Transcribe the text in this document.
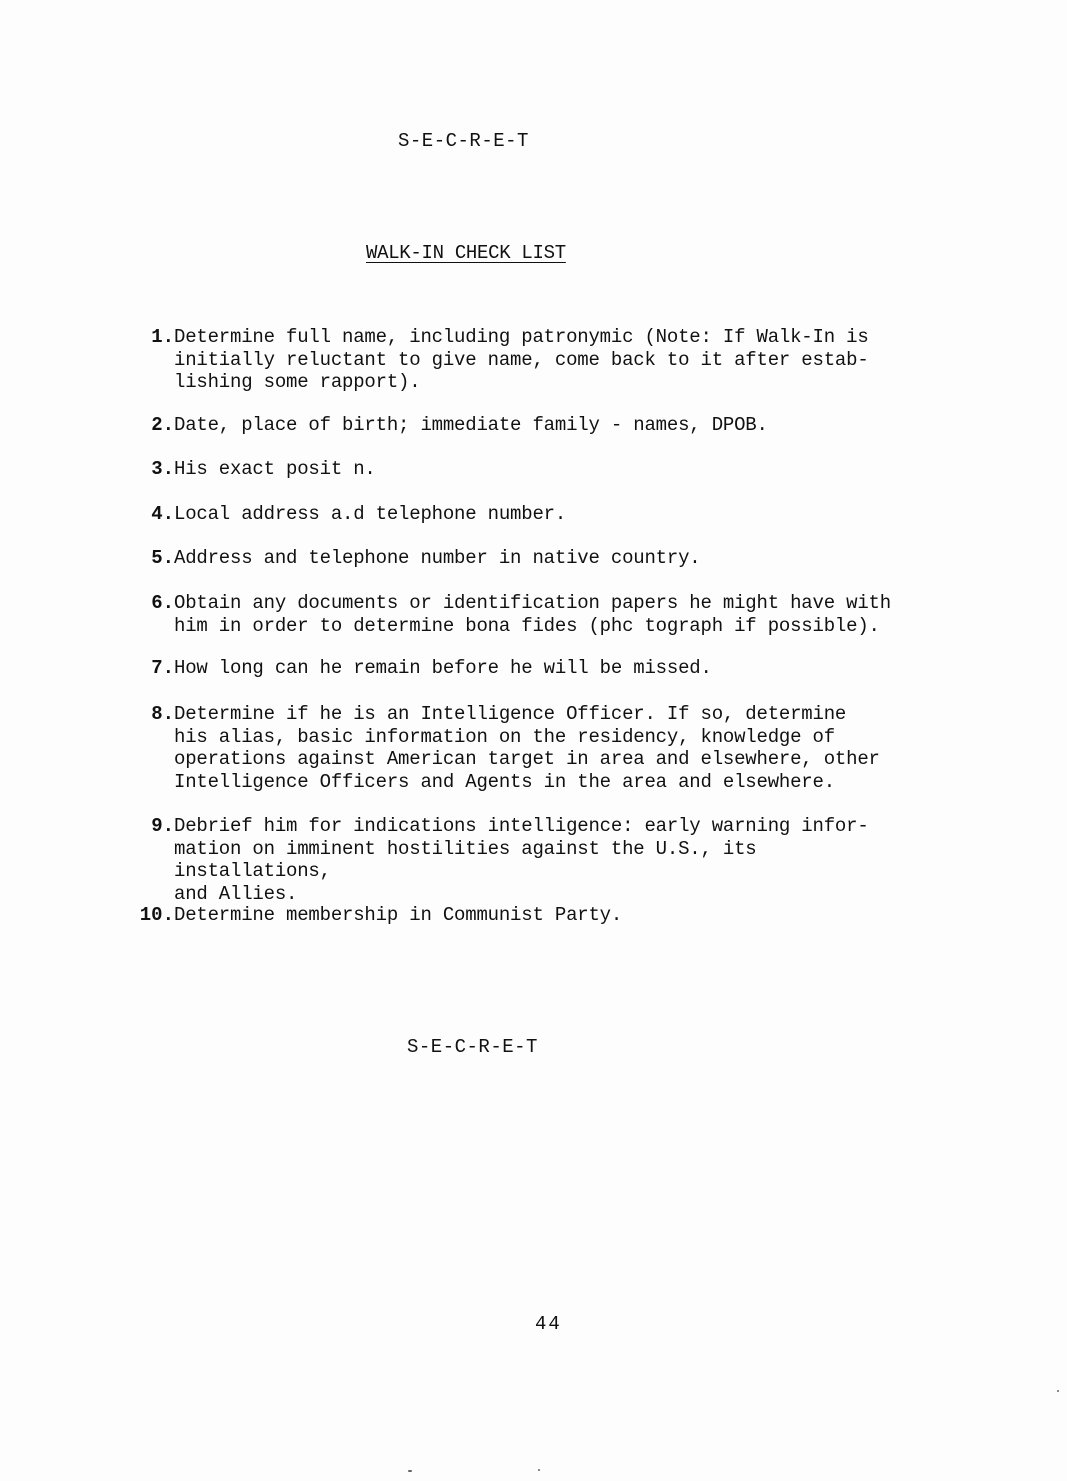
S-E-C-R-E-T
WALK-IN CHECK LIST
1. Determine full name, including patronymic (Note: If Walk-In is
initially reluctant to give name, come back to it after estab-
lishing some rapport).
2. Date, place of birth; immediate family - names, DPOB.
3. His exact posit n.
4. Local address a.d telephone number.
5. Address and telephone number in native country.
6. Obtain any documents or identification papers he might have with
him in order to determine bona fides (phc tograph if possible).
7. How long can he remain before he will be missed.
8. Determine if he is an Intelligence Officer. If so, determine
his alias, basic information on the residency, knowledge of
operations against American target in area and elsewhere, other
Intelligence Officers and Agents in the area and elsewhere.
9. Debrief him for indications intelligence: early warning infor-
mation on imminent hostilities against the U.S., its installations,
and Allies.
10. Determine membership in Communist Party.
S-E-C-R-E-T
44
